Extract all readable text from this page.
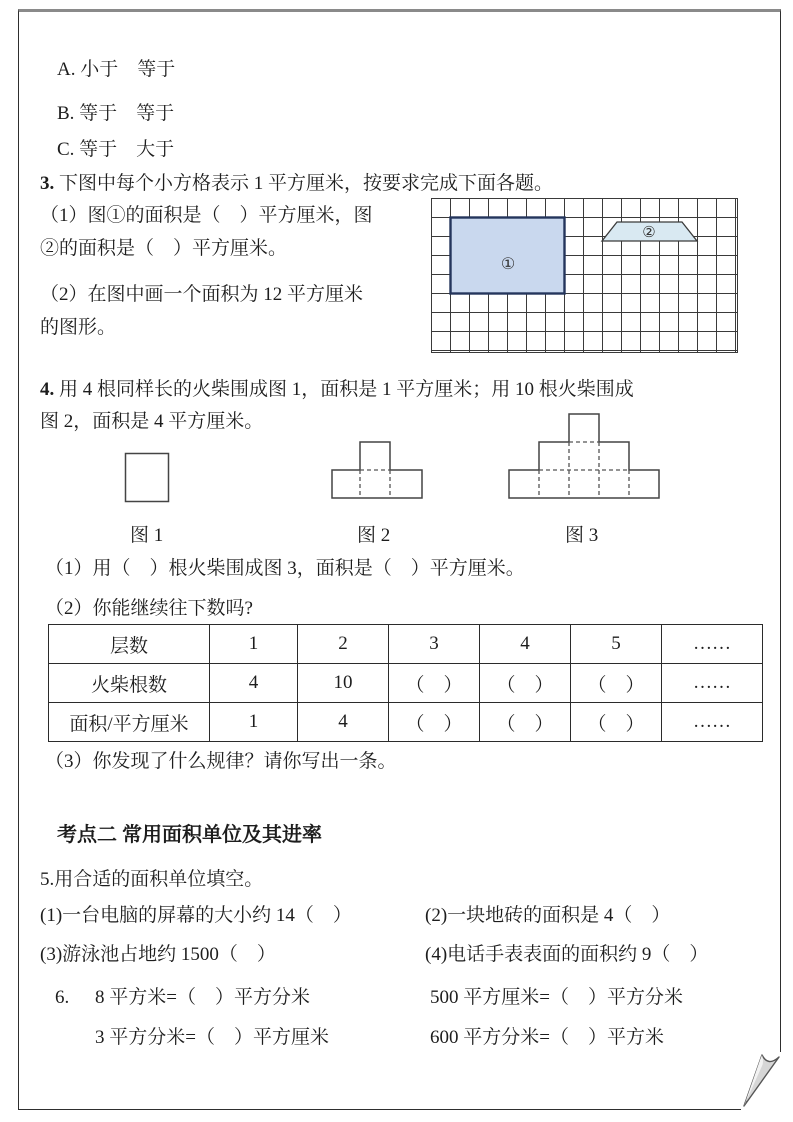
A. 小于　等于
B. 等于　等于
C. 等于　大于
3. 下图中每个小方格表示 1 平方厘米，按要求完成下面各题。
（1）图①的面积是（　）平方厘米，图
②的面积是（　）平方厘米。
（2）在图中画一个面积为 12 平方厘米
的图形。
①
②
4. 用 4 根同样长的火柴围成图 1，面积是 1 平方厘米；用 10 根火柴围成
图 2，面积是 4 平方厘米。
图 1	图 2	图 3
（1）用（　）根火柴围成图 3，面积是（　）平方厘米。
（2）你能继续往下数吗?
层数	1	2	3	4	5	……
火柴根数	4	10	（　）	（　）	（　）	……
面积/平方厘米	1	4	（　）	（　）	（　）	……
（3）你发现了什么规律？请你写出一条。
考点二 常用面积单位及其进率
5.用合适的面积单位填空。
(1)一台电脑的屏幕的大小约 14（　）	(2)一块地砖的面积是 4（　）
(3)游泳池占地约 1500（　）	(4)电话手表表面的面积约 9（　）
6. 8 平方米=（　）平方分米	500 平方厘米=（　）平方分米
3 平方分米=（　）平方厘米	600 平方分米=（　）平方米
